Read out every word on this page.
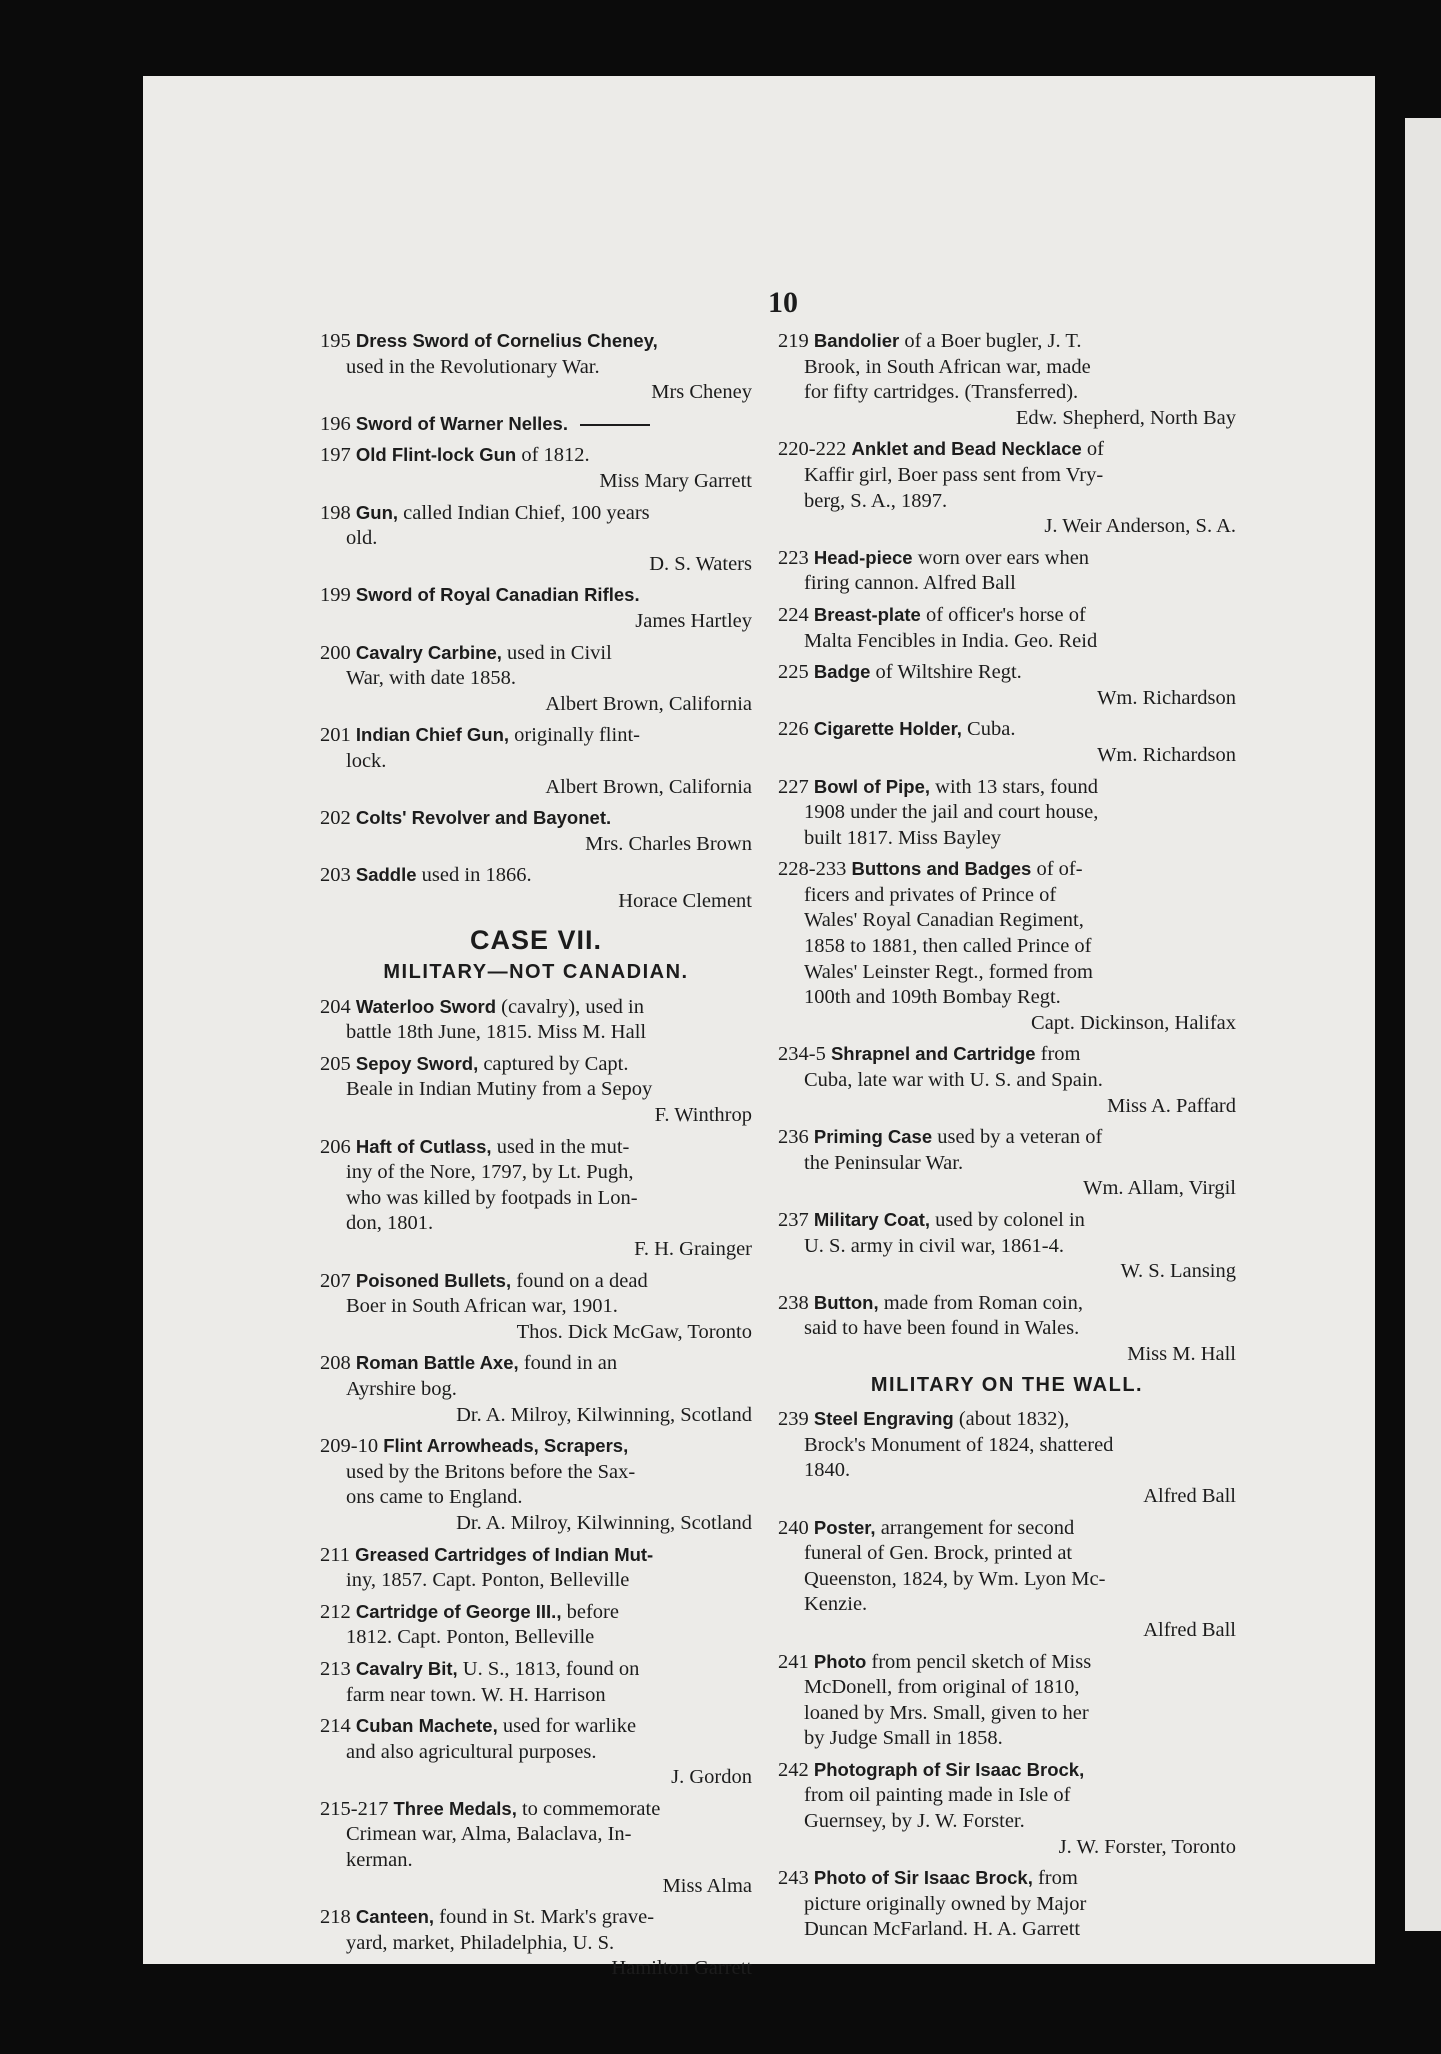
10
195 Dress Sword of Cornelius Cheney,
used in the Revolutionary War.
Mrs Cheney
196 Sword of Warner Nelles.
197 Old Flint-lock Gun of 1812.
Miss Mary Garrett
198 Gun, called Indian Chief, 100 years
old.
D. S. Waters
199 Sword of Royal Canadian Rifles.
James Hartley
200 Cavalry Carbine, used in Civil
War, with date 1858.
Albert Brown, California
201 Indian Chief Gun, originally flint-
lock.
Albert Brown, California
202 Colts' Revolver and Bayonet.
Mrs. Charles Brown
203 Saddle used in 1866.
Horace Clement
CASE VII.
MILITARY—NOT CANADIAN.
204 Waterloo Sword (cavalry), used in
battle 18th June, 1815. Miss M. Hall
205 Sepoy Sword, captured by Capt.
Beale in Indian Mutiny from a Sepoy
F. Winthrop
206 Haft of Cutlass, used in the mut-
iny of the Nore, 1797, by Lt. Pugh,
who was killed by footpads in Lon-
don, 1801.
F. H. Grainger
207 Poisoned Bullets, found on a dead
Boer in South African war, 1901.
Thos. Dick McGaw, Toronto
208 Roman Battle Axe, found in an
Ayrshire bog.
Dr. A. Milroy, Kilwinning, Scotland
209-10 Flint Arrowheads, Scrapers,
used by the Britons before the Sax-
ons came to England.
Dr. A. Milroy, Kilwinning, Scotland
211 Greased Cartridges of Indian Mut-
iny, 1857. Capt. Ponton, Belleville
212 Cartridge of George III., before
1812. Capt. Ponton, Belleville
213 Cavalry Bit, U. S., 1813, found on
farm near town. W. H. Harrison
214 Cuban Machete, used for warlike
and also agricultural purposes.
J. Gordon
215-217 Three Medals, to commemorate
Crimean war, Alma, Balaclava, In-
kerman.
Miss Alma
218 Canteen, found in St. Mark's grave-
yard, market, Philadelphia, U. S.
Hamilton Garrett
219 Bandolier of a Boer bugler, J. T.
Brook, in South African war, made
for fifty cartridges. (Transferred).
Edw. Shepherd, North Bay
220-222 Anklet and Bead Necklace of
Kaffir girl, Boer pass sent from Vry-
berg, S. A., 1897.
J. Weir Anderson, S. A.
223 Head-piece worn over ears when
firing cannon. Alfred Ball
224 Breast-plate of officer's horse of
Malta Fencibles in India. Geo. Reid
225 Badge of Wiltshire Regt.
Wm. Richardson
226 Cigarette Holder, Cuba.
Wm. Richardson
227 Bowl of Pipe, with 13 stars, found
1908 under the jail and court house,
built 1817. Miss Bayley
228-233 Buttons and Badges of of-
ficers and privates of Prince of
Wales' Royal Canadian Regiment,
1858 to 1881, then called Prince of
Wales' Leinster Regt., formed from
100th and 109th Bombay Regt.
Capt. Dickinson, Halifax
234-5 Shrapnel and Cartridge from
Cuba, late war with U. S. and Spain.
Miss A. Paffard
236 Priming Case used by a veteran of
the Peninsular War.
Wm. Allam, Virgil
237 Military Coat, used by colonel in
U. S. army in civil war, 1861-4.
W. S. Lansing
238 Button, made from Roman coin,
said to have been found in Wales.
Miss M. Hall
MILITARY ON THE WALL.
239 Steel Engraving (about 1832),
Brock's Monument of 1824, shattered
1840.
Alfred Ball
240 Poster, arrangement for second
funeral of Gen. Brock, printed at
Queenston, 1824, by Wm. Lyon Mc-
Kenzie.
Alfred Ball
241 Photo from pencil sketch of Miss
McDonell, from original of 1810,
loaned by Mrs. Small, given to her
by Judge Small in 1858.
242 Photograph of Sir Isaac Brock,
from oil painting made in Isle of
Guernsey, by J. W. Forster.
J. W. Forster, Toronto
243 Photo of Sir Isaac Brock, from
picture originally owned by Major
Duncan McFarland. H. A. Garrett
